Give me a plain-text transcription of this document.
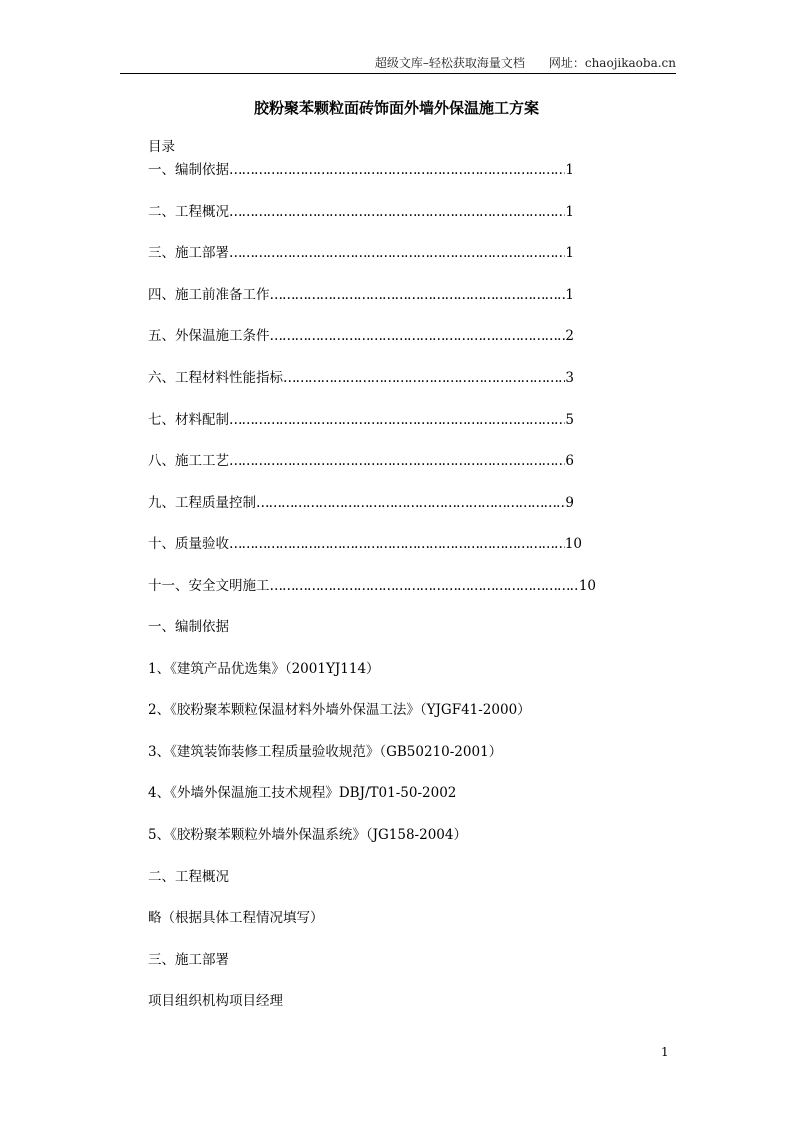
超级文库–轻松获取海量文档 网址：chaojikaoba.cn
胶粉聚苯颗粒面砖饰面外墙外保温施工方案
目录
一、编制依据 ……………………………………………………………………………………………………………………………	1
二、工程概况 ……………………………………………………………………………………………………………………………	1
三、施工部署 ……………………………………………………………………………………………………………………………	1
四、施工前准备工作 ……………………………………………………………………………………………………………………………	1
五、外保温施工条件 ……………………………………………………………………………………………………………………………	2
六、工程材料性能指标 ……………………………………………………………………………………………………………………………	3
七、材料配制 ……………………………………………………………………………………………………………………………	5
八、施工工艺 ……………………………………………………………………………………………………………………………	6
九、工程质量控制 ……………………………………………………………………………………………………………………………	9
十、质量验收 ……………………………………………………………………………………………………………………………	10
十一、安全文明施工 ……………………………………………………………………………………………………………………………	10
一、编制依据
1、《建筑产品优选集》（2001YJ114）
2、《胶粉聚苯颗粒保温材料外墙外保温工法》（YJGF41-2000）
3、《建筑装饰装修工程质量验收规范》（GB50210-2001）
4、《外墙外保温施工技术规程》DBJ/T01-50-2002
5、《胶粉聚苯颗粒外墙外保温系统》（JG158-2004）
二、工程概况
略（根据具体工程情况填写）
三、施工部署
项目组织机构项目经理
1
